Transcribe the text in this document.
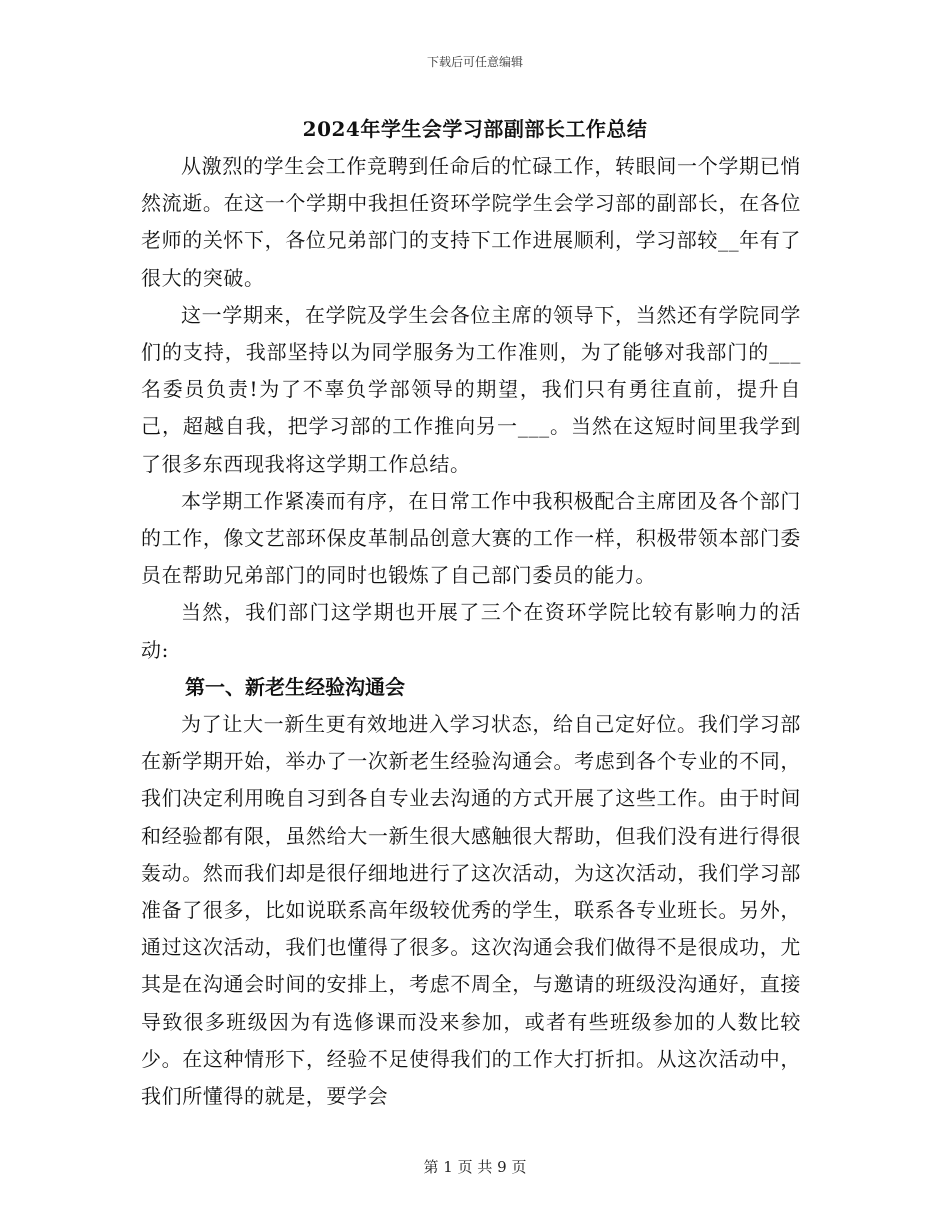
下载后可任意编辑
2024年学生会学习部副部长工作总结

从激烈的学生会工作竞聘到任命后的忙碌工作，转眼间一个学期已悄然流逝。在这一个学期中我担任资环学院学生会学习部的副部长，在各位老师的关怀下，各位兄弟部门的支持下工作进展顺利，学习部较__年有了很大的突破。

这一学期来，在学院及学生会各位主席的领导下，当然还有学院同学们的支持，我部坚持以为同学服务为工作准则，为了能够对我部门的___名委员负责!为了不辜负学部领导的期望，我们只有勇往直前，提升自己，超越自我，把学习部的工作推向另一___。当然在这短时间里我学到了很多东西现我将这学期工作总结。

本学期工作紧凑而有序，在日常工作中我积极配合主席团及各个部门的工作，像文艺部环保皮革制品创意大赛的工作一样，积极带领本部门委员在帮助兄弟部门的同时也锻炼了自己部门委员的能力。

当然，我们部门这学期也开展了三个在资环学院比较有影响力的活动:

第一、新老生经验沟通会

为了让大一新生更有效地进入学习状态，给自己定好位。我们学习部在新学期开始，举办了一次新老生经验沟通会。考虑到各个专业的不同，我们决定利用晚自习到各自专业去沟通的方式开展了这些工作。由于时间和经验都有限，虽然给大一新生很大感触很大帮助，但我们没有进行得很轰动。然而我们却是很仔细地进行了这次活动，为这次活动，我们学习部准备了很多，比如说联系高年级较优秀的学生，联系各专业班长。另外，通过这次活动，我们也懂得了很多。这次沟通会我们做得不是很成功，尤其是在沟通会时间的安排上，考虑不周全，与邀请的班级没沟通好，直接导致很多班级因为有选修课而没来参加，或者有些班级参加的人数比较少。在这种情形下，经验不足使得我们的工作大打折扣。从这次活动中，我们所懂得的就是，要学会

第 1 页 共 9 页
